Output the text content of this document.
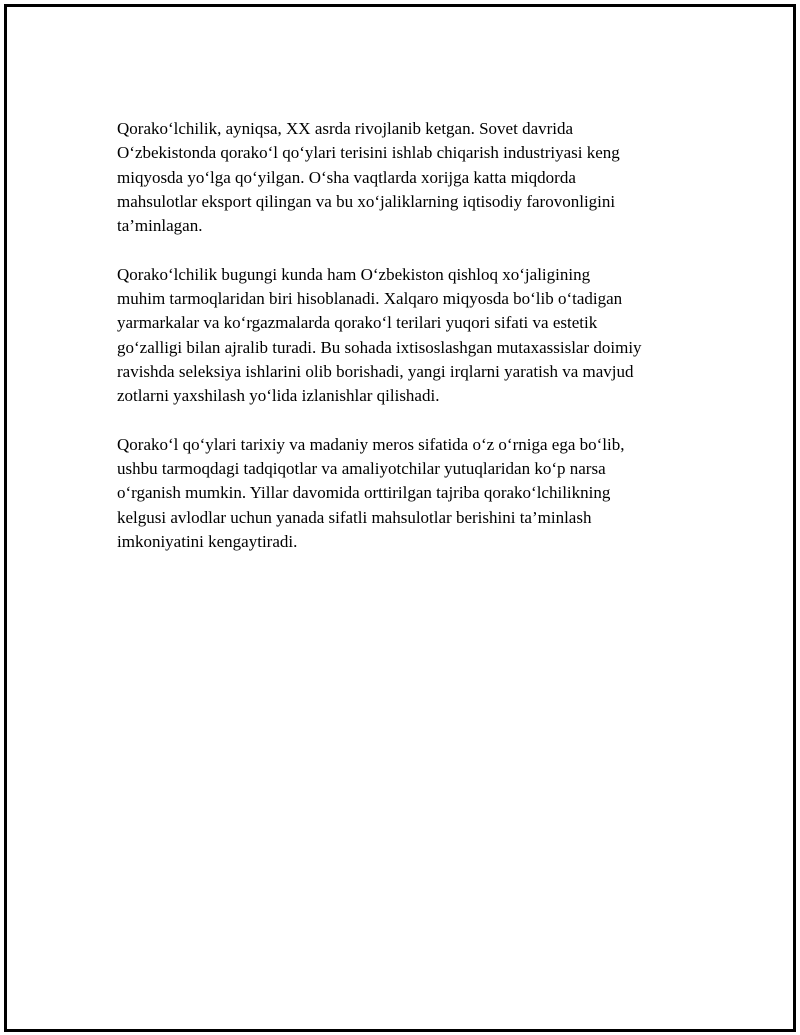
Qorako‘lchilik, ayniqsa, XX asrda rivojlanib ketgan. Sovet davrida
O‘zbekistonda qorako‘l qo‘ylari terisini ishlab chiqarish industriyasi keng
miqyosda yo‘lga qo‘yilgan. O‘sha vaqtlarda xorijga katta miqdorda
mahsulotlar eksport qilingan va bu xo‘jaliklarning iqtisodiy farovonligini
ta’minlagan.

Qorako‘lchilik bugungi kunda ham O‘zbekiston qishloq xo‘jaligining
muhim tarmoqlaridan biri hisoblanadi. Xalqaro miqyosda bo‘lib o‘tadigan
yarmarkalar va ko‘rgazmalarda qorako‘l terilari yuqori sifati va estetik
go‘zalligi bilan ajralib turadi. Bu sohada ixtisoslashgan mutaxassislar doimiy
ravishda seleksiya ishlarini olib borishadi, yangi irqlarni yaratish va mavjud
zotlarni yaxshilash yo‘lida izlanishlar qilishadi.

Qorako‘l qo‘ylari tarixiy va madaniy meros sifatida o‘z o‘rniga ega bo‘lib,
ushbu tarmoqdagi tadqiqotlar va amaliyotchilar yutuqlaridan ko‘p narsa
o‘rganish mumkin. Yillar davomida orttirilgan tajriba qorako‘lchilikning
kelgusi avlodlar uchun yanada sifatli mahsulotlar berishini ta’minlash
imkoniyatini kengaytiradi.
